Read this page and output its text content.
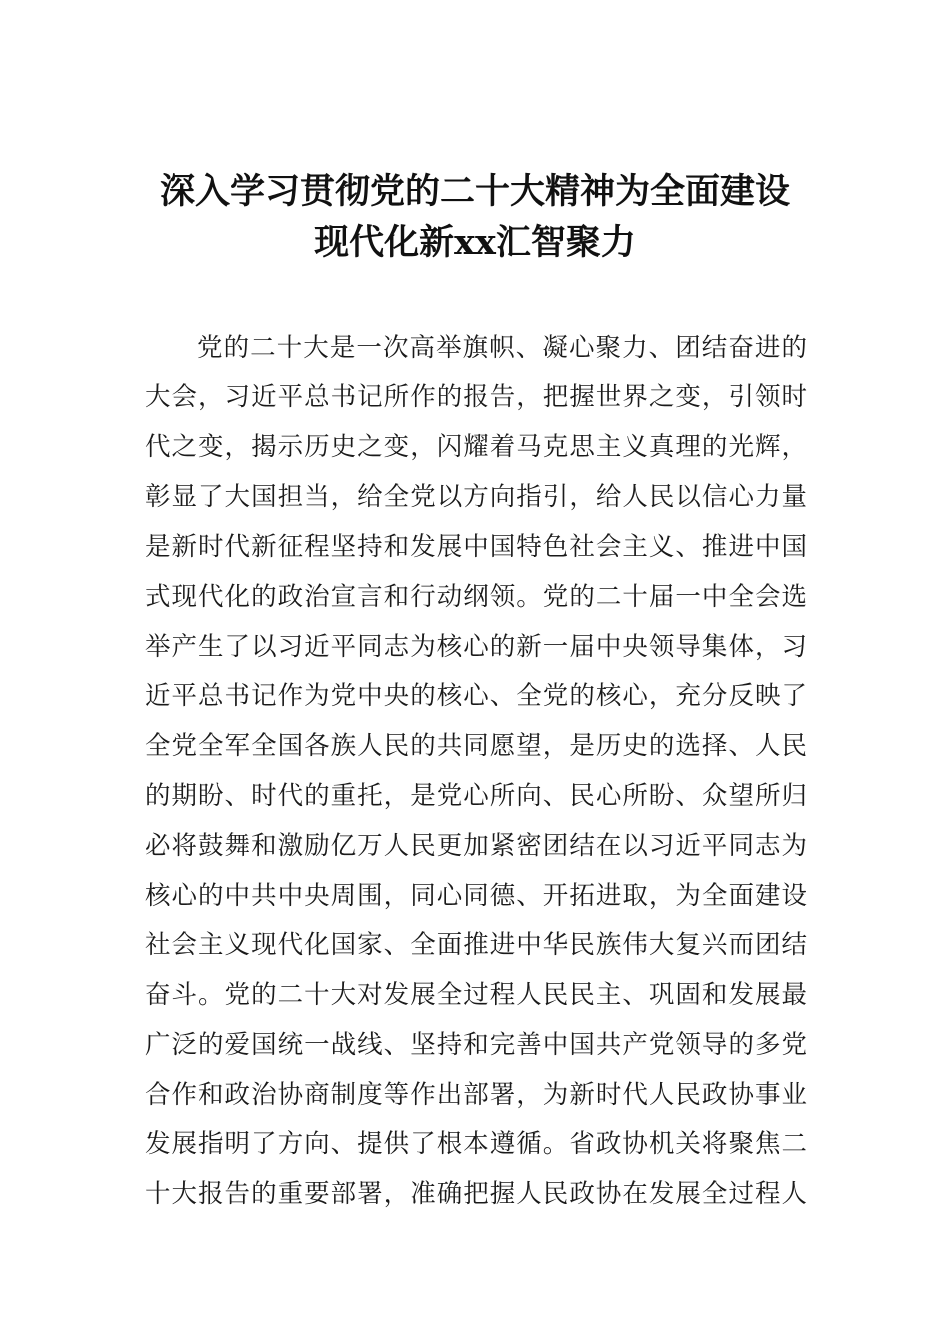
深入学习贯彻党的二十大精神为全面建设
现代化新xx汇智聚力
党的二十大是一次高举旗帜、凝心聚力、团结奋进的
大会，习近平总书记所作的报告，把握世界之变，引领时
代之变，揭示历史之变，闪耀着马克思主义真理的光辉，
彰显了大国担当，给全党以方向指引，给人民以信心力量
是新时代新征程坚持和发展中国特色社会主义、推进中国
式现代化的政治宣言和行动纲领。党的二十届一中全会选
举产生了以习近平同志为核心的新一届中央领导集体，习
近平总书记作为党中央的核心、全党的核心，充分反映了
全党全军全国各族人民的共同愿望，是历史的选择、人民
的期盼、时代的重托，是党心所向、民心所盼、众望所归
必将鼓舞和激励亿万人民更加紧密团结在以习近平同志为
核心的中共中央周围，同心同德、开拓进取，为全面建设
社会主义现代化国家、全面推进中华民族伟大复兴而团结
奋斗。党的二十大对发展全过程人民民主、巩固和发展最
广泛的爱国统一战线、坚持和完善中国共产党领导的多党
合作和政治协商制度等作出部署，为新时代人民政协事业
发展指明了方向、提供了根本遵循。省政协机关将聚焦二
十大报告的重要部署，准确把握人民政协在发展全过程人
